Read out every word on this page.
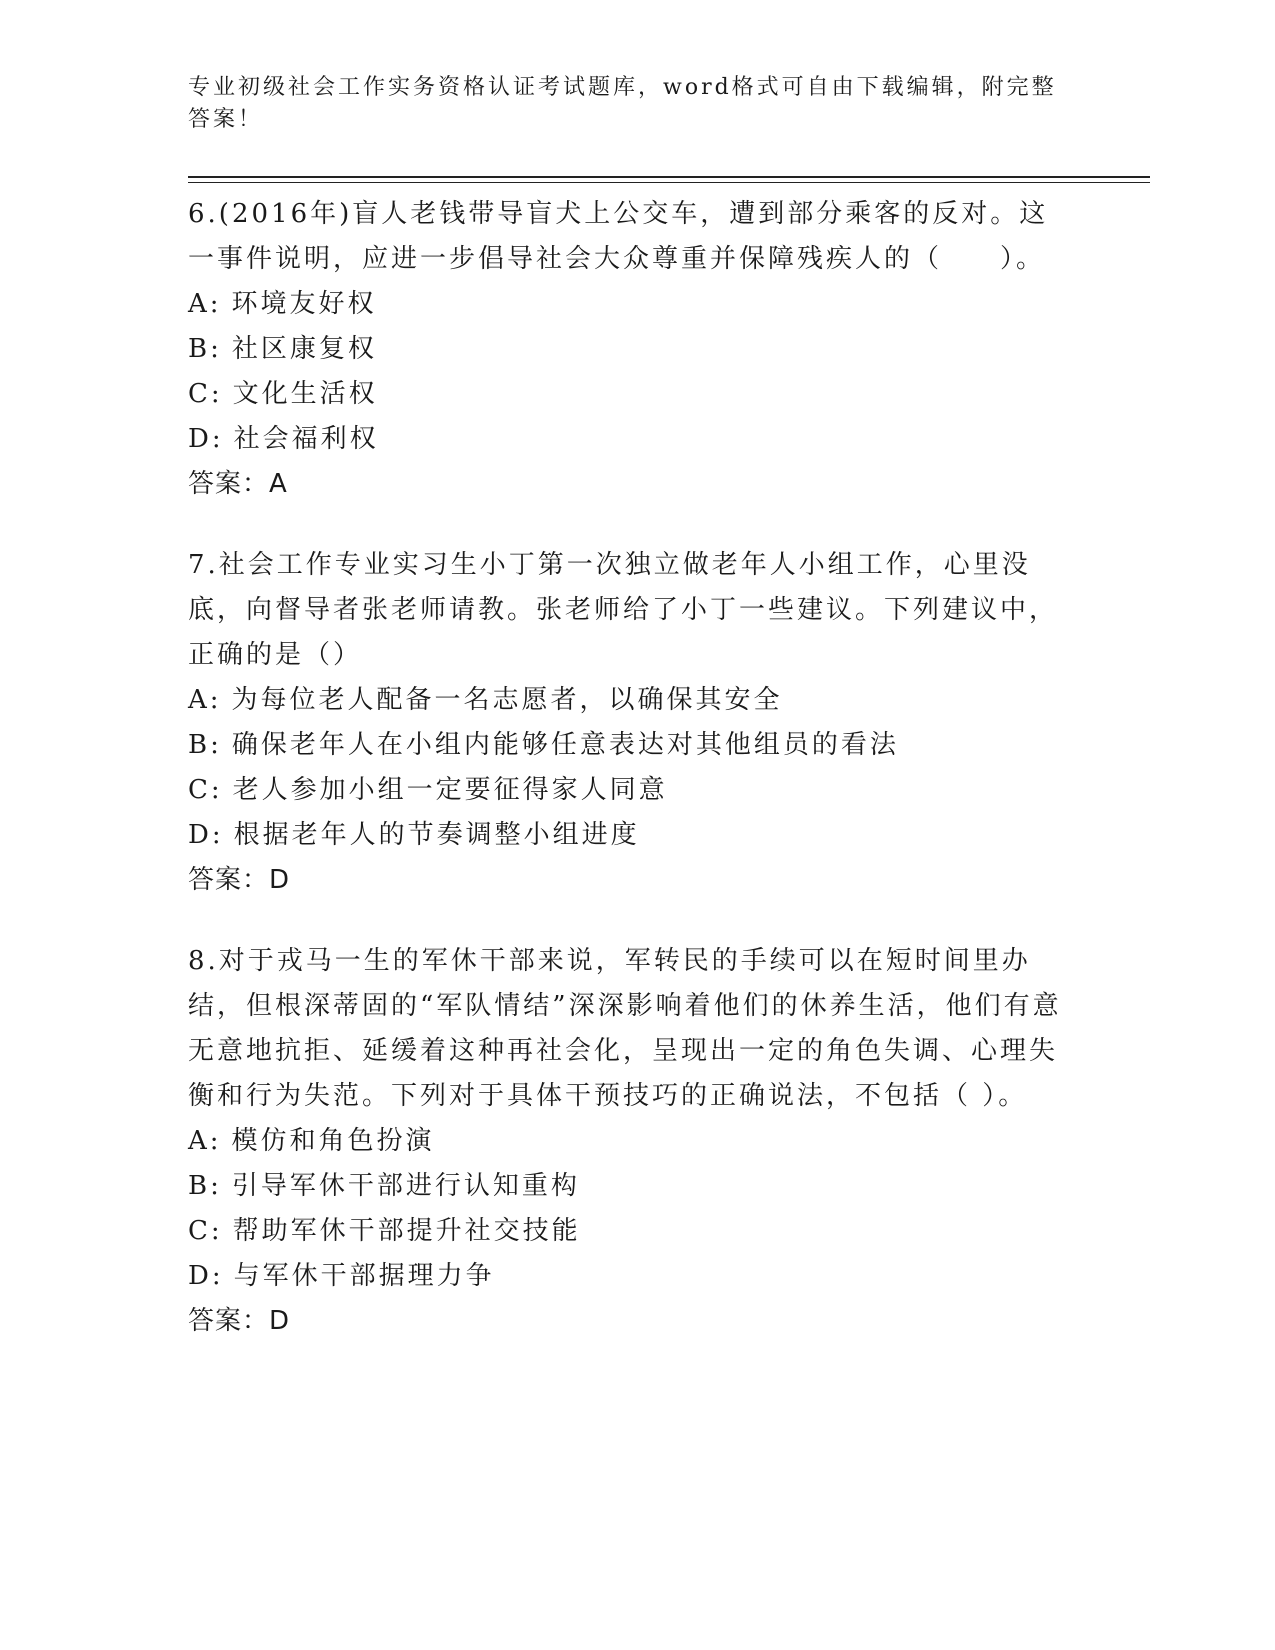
专业初级社会工作实务资格认证考试题库，word格式可自由下载编辑，附完整答案！

6.(2016年)盲人老钱带导盲犬上公交车，遭到部分乘客的反对。这一事件说明，应进一步倡导社会大众尊重并保障残疾人的（　　）。

A: 环境友好权

B: 社区康复权

C: 文化生活权

D: 社会福利权

答案：A

7.社会工作专业实习生小丁第一次独立做老年人小组工作，心里没底，向督导者张老师请教。张老师给了小丁一些建议。下列建议中，正确的是（）

A: 为每位老人配备一名志愿者，以确保其安全

B: 确保老年人在小组内能够任意表达对其他组员的看法

C: 老人参加小组一定要征得家人同意

D: 根据老年人的节奏调整小组进度

答案：D

8.对于戎马一生的军休干部来说，军转民的手续可以在短时间里办结，但根深蒂固的“军队情结”深深影响着他们的休养生活，他们有意无意地抗拒、延缓着这种再社会化，呈现出一定的角色失调、心理失衡和行为失范。下列对于具体干预技巧的正确说法，不包括（ ）。

A: 模仿和角色扮演

B: 引导军休干部进行认知重构

C: 帮助军休干部提升社交技能

D: 与军休干部据理力争

答案：D
